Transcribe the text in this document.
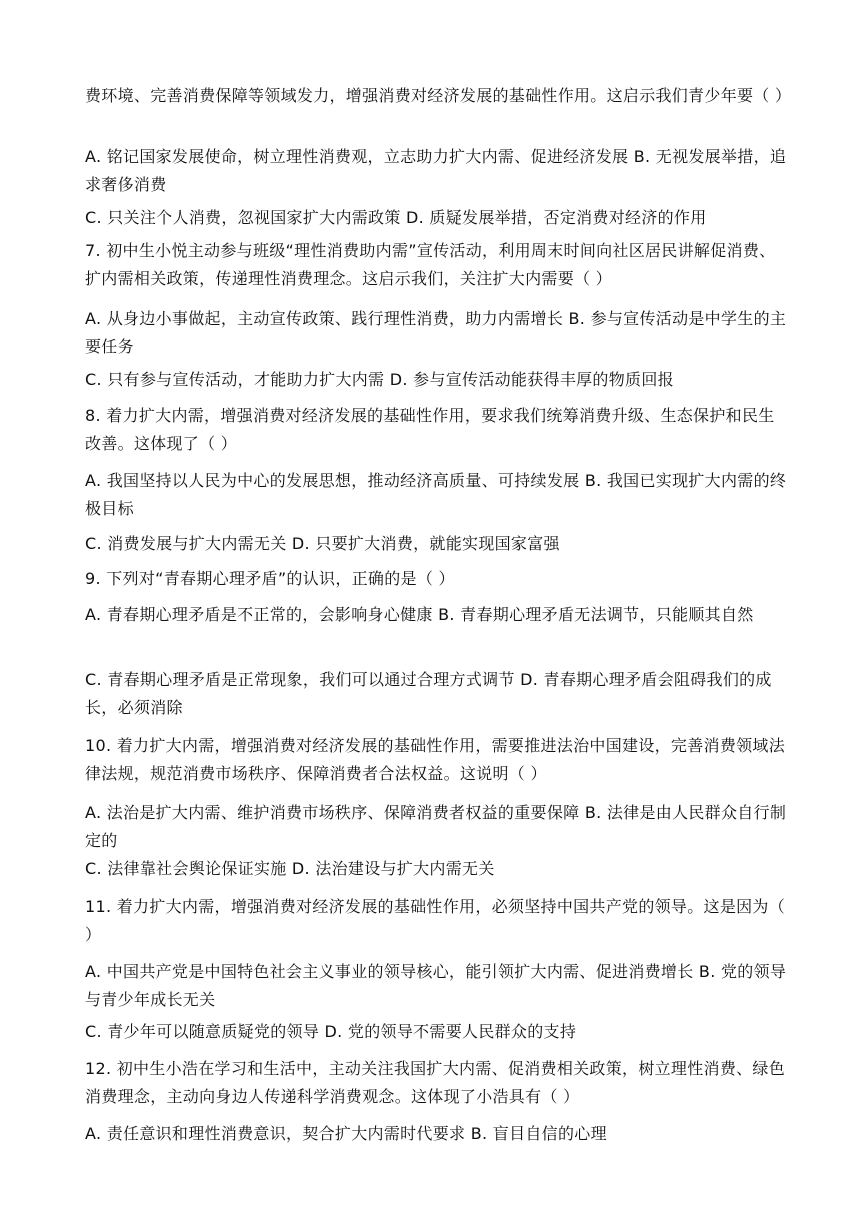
费环境、完善消费保障等领域发力，增强消费对经济发展的基础性作用。这启示我们青少年要（ ）

A. 铭记国家发展使命，树立理性消费观，立志助力扩大内需、促进经济发展 B. 无视发展举措，追求奢侈消费

C. 只关注个人消费，忽视国家扩大内需政策 D. 质疑发展举措，否定消费对经济的作用

7. 初中生小悦主动参与班级“理性消费助内需”宣传活动，利用周末时间向社区居民讲解促消费、扩内需相关政策，传递理性消费理念。这启示我们，关注扩大内需要（ ）

A. 从身边小事做起，主动宣传政策、践行理性消费，助力内需增长 B. 参与宣传活动是中学生的主要任务

C. 只有参与宣传活动，才能助力扩大内需 D. 参与宣传活动能获得丰厚的物质回报

8. 着力扩大内需，增强消费对经济发展的基础性作用，要求我们统筹消费升级、生态保护和民生改善。这体现了（ ）

A. 我国坚持以人民为中心的发展思想，推动经济高质量、可持续发展 B. 我国已实现扩大内需的终极目标

C. 消费发展与扩大内需无关 D. 只要扩大消费，就能实现国家富强

9. 下列对“青春期心理矛盾”的认识，正确的是（ ）

A. 青春期心理矛盾是不正常的，会影响身心健康 B. 青春期心理矛盾无法调节，只能顺其自然

C. 青春期心理矛盾是正常现象，我们可以通过合理方式调节 D. 青春期心理矛盾会阻碍我们的成长，必须消除

10. 着力扩大内需，增强消费对经济发展的基础性作用，需要推进法治中国建设，完善消费领域法律法规，规范消费市场秩序、保障消费者合法权益。这说明（ ）

A. 法治是扩大内需、维护消费市场秩序、保障消费者权益的重要保障 B. 法律是由人民群众自行制定的

C. 法律靠社会舆论保证实施 D. 法治建设与扩大内需无关

11. 着力扩大内需，增强消费对经济发展的基础性作用，必须坚持中国共产党的领导。这是因为（ ）

A. 中国共产党是中国特色社会主义事业的领导核心，能引领扩大内需、促进消费增长 B. 党的领导与青少年成长无关

C. 青少年可以随意质疑党的领导 D. 党的领导不需要人民群众的支持

12. 初中生小浩在学习和生活中，主动关注我国扩大内需、促消费相关政策，树立理性消费、绿色消费理念，主动向身边人传递科学消费观念。这体现了小浩具有（ ）

A. 责任意识和理性消费意识，契合扩大内需时代要求 B. 盲目自信的心理
